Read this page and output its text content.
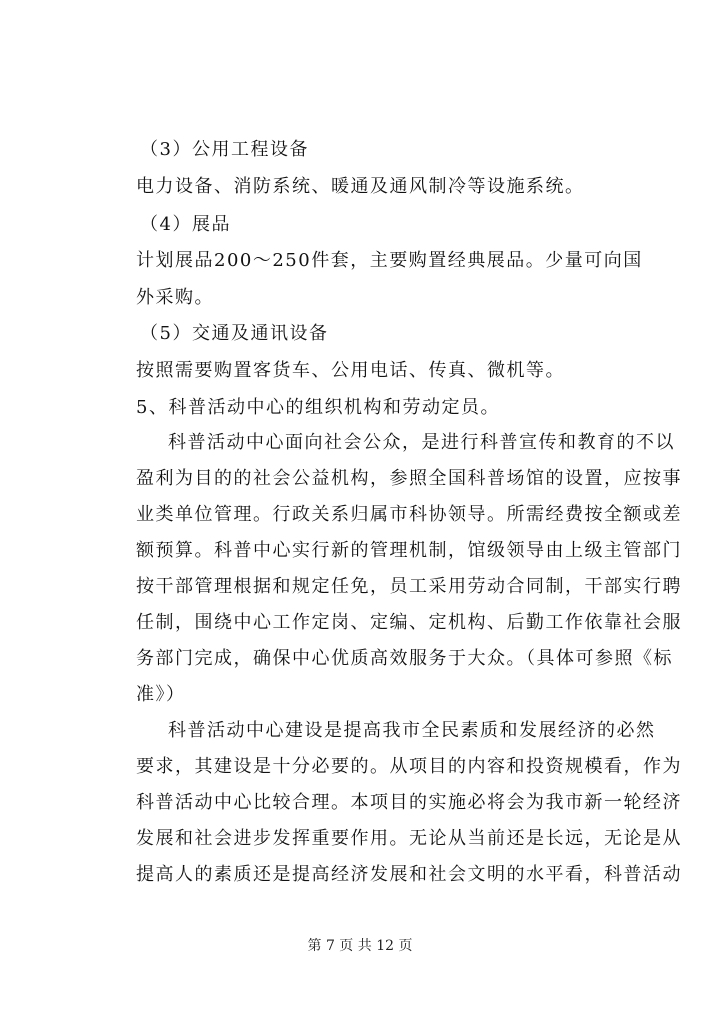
（3）公用工程设备
电力设备、消防系统、暖通及通风制冷等设施系统。
（4）展品
计划展品200～250件套，主要购置经典展品。少量可向国
外采购。
（5）交通及通讯设备
按照需要购置客货车、公用电话、传真、微机等。
5、科普活动中心的组织机构和劳动定员。
科普活动中心面向社会公众，是进行科普宣传和教育的不以
盈利为目的的社会公益机构，参照全国科普场馆的设置，应按事
业类单位管理。行政关系归属市科协领导。所需经费按全额或差
额预算。科普中心实行新的管理机制，馆级领导由上级主管部门
按干部管理根据和规定任免，员工采用劳动合同制，干部实行聘
任制，围绕中心工作定岗、定编、定机构、后勤工作依靠社会服
务部门完成，确保中心优质高效服务于大众。（具体可参照《标
准》）
科普活动中心建设是提高我市全民素质和发展经济的必然
要求，其建设是十分必要的。从项目的内容和投资规模看，作为
科普活动中心比较合理。本项目的实施必将会为我市新一轮经济
发展和社会进步发挥重要作用。无论从当前还是长远，无论是从
提高人的素质还是提高经济发展和社会文明的水平看，科普活动
第 7 页 共 12 页
